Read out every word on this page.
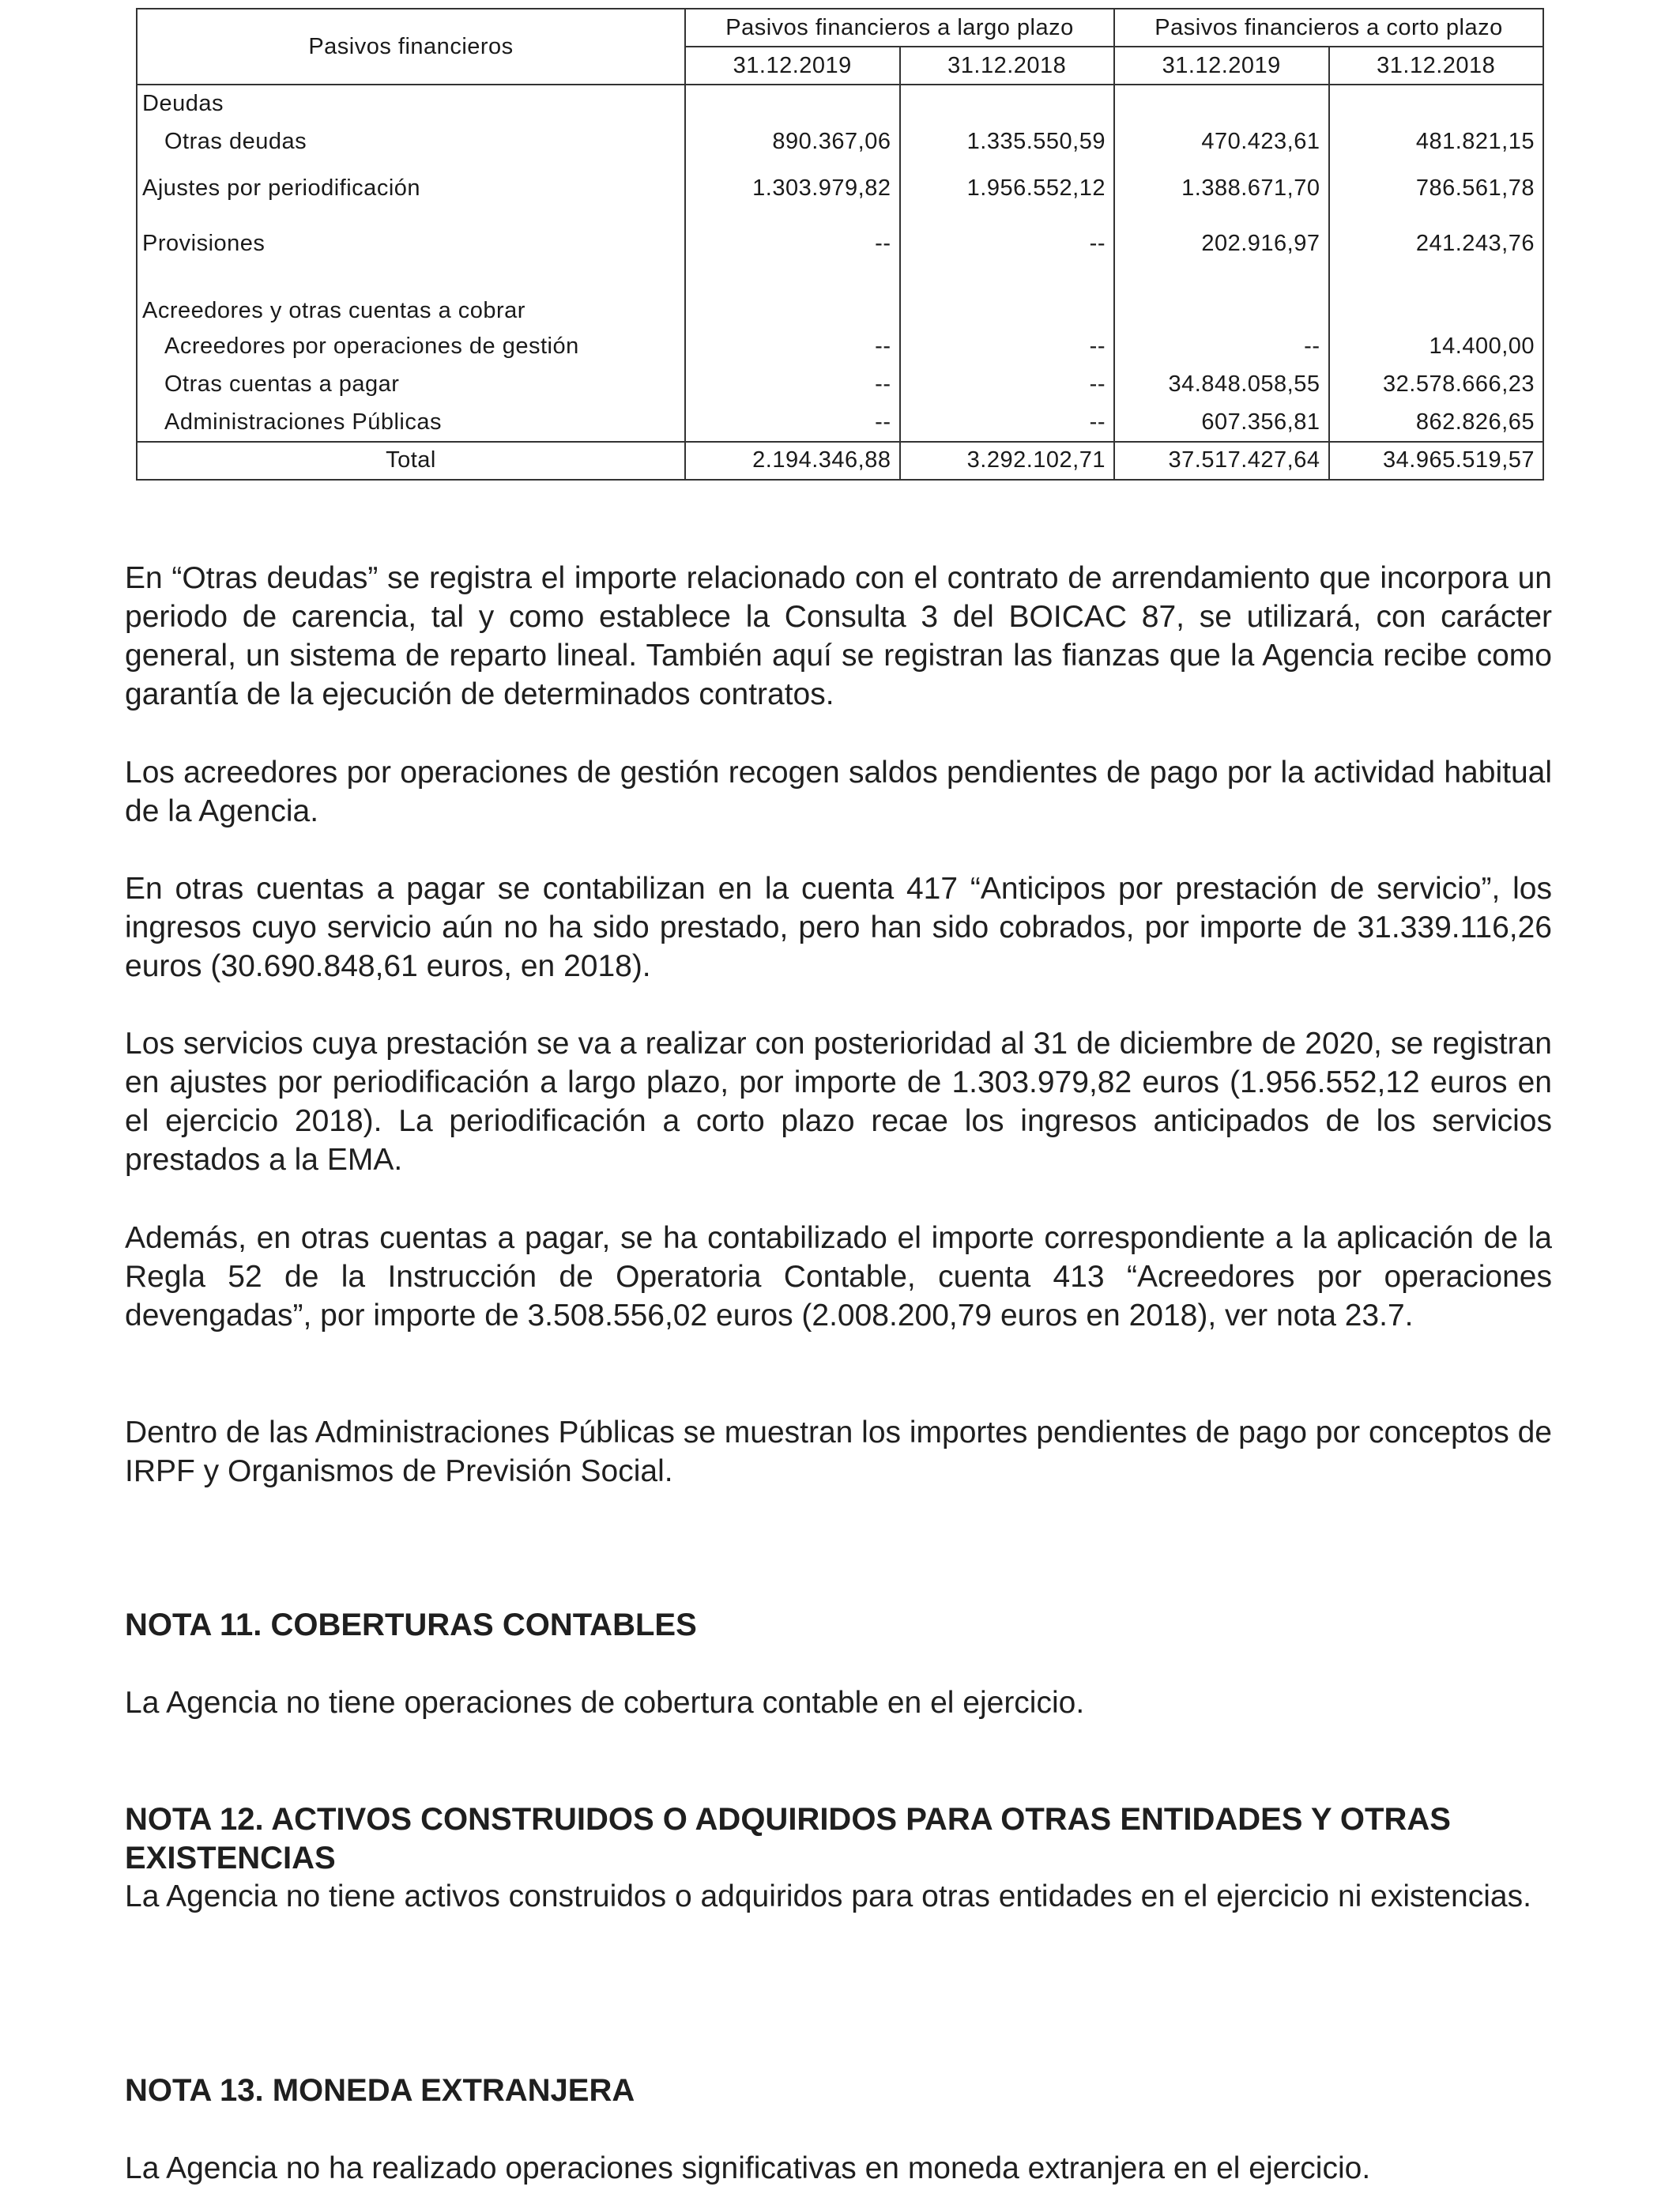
Pasivos financieros	Pasivos financieros a largo plazo		Pasivos financieros a corto plazo	
	31.12.2019	31.12.2018	31.12.2019	31.12.2018
Deudas				
Otras deudas	890.367,06	1.335.550,59	470.423,61	481.821,15
Ajustes por periodificación	1.303.979,82	1.956.552,12	1.388.671,70	786.561,78
Provisiones	--	--	202.916,97	241.243,76
Acreedores y otras cuentas a cobrar				
Acreedores por operaciones de gestión	--	--	--	14.400,00
Otras cuentas a pagar	--	--	34.848.058,55	32.578.666,23
Administraciones Públicas	--	--	607.356,81	862.826,65
Total	2.194.346,88	3.292.102,71	37.517.427,64	34.965.519,57

En “Otras deudas” se registra el importe relacionado con el contrato de arrendamiento que incorpora un periodo de carencia, tal y como establece la Consulta 3 del BOICAC 87, se utilizará, con carácter general, un sistema de reparto lineal. También aquí se registran las fianzas que la Agencia recibe como garantía de la ejecución de determinados contratos.

Los acreedores por operaciones de gestión recogen saldos pendientes de pago por la actividad habitual de la Agencia.

En otras cuentas a pagar se contabilizan en la cuenta 417 “Anticipos por prestación de servicio”, los ingresos cuyo servicio aún no ha sido prestado, pero han sido cobrados, por importe de 31.339.116,26 euros (30.690.848,61 euros, en 2018).

Los servicios cuya prestación se va a realizar con posterioridad al 31 de diciembre de 2020, se registran en ajustes por periodificación a largo plazo, por importe de 1.303.979,82 euros (1.956.552,12 euros en el ejercicio 2018). La periodificación a corto plazo recae los ingresos anticipados de los servicios prestados a la EMA.

Además, en otras cuentas a pagar, se ha contabilizado el importe correspondiente a la aplicación de la Regla 52 de la Instrucción de Operatoria Contable, cuenta 413 “Acreedores por operaciones devengadas”, por importe de 3.508.556,02 euros (2.008.200,79 euros en 2018), ver nota 23.7.

Dentro de las Administraciones Públicas se muestran los importes pendientes de pago por conceptos de IRPF y Organismos de Previsión Social.

NOTA 11. COBERTURAS CONTABLES

La Agencia no tiene operaciones de cobertura contable en el ejercicio.

NOTA 12. ACTIVOS CONSTRUIDOS O ADQUIRIDOS PARA OTRAS ENTIDADES Y OTRAS EXISTENCIAS

La Agencia no tiene activos construidos o adquiridos para otras entidades en el ejercicio ni existencias.

NOTA 13. MONEDA EXTRANJERA

La Agencia no ha realizado operaciones significativas en moneda extranjera en el ejercicio.
